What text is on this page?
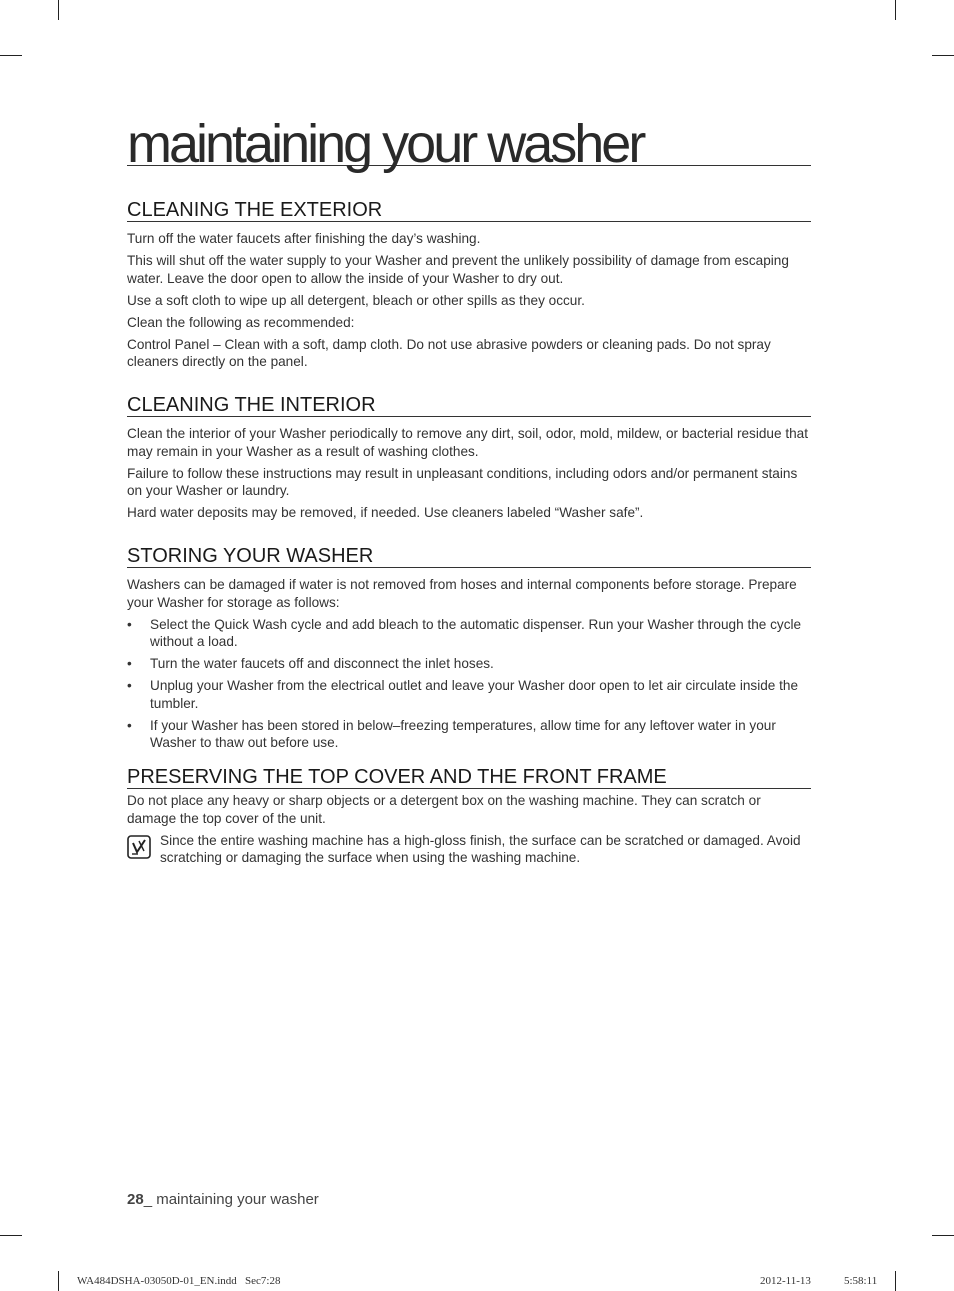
maintaining your washer
CLEANING THE EXTERIOR

Turn off the water faucets after finishing the day’s washing.

This will shut off the water supply to your Washer and prevent the unlikely possibility of damage from escaping water. Leave the door open to allow the inside of your Washer to dry out.

Use a soft cloth to wipe up all detergent, bleach or other spills as they occur.

Clean the following as recommended:

Control Panel – Clean with a soft, damp cloth. Do not use abrasive powders or cleaning pads. Do not spray cleaners directly on the panel.

CLEANING THE INTERIOR

Clean the interior of your Washer periodically to remove any dirt, soil, odor, mold, mildew, or bacterial residue that may remain in your Washer as a result of washing clothes.

Failure to follow these instructions may result in unpleasant conditions, including odors and/or permanent stains on your Washer or laundry.

Hard water deposits may be removed, if needed. Use cleaners labeled “Washer safe”.

STORING YOUR WASHER

Washers can be damaged if water is not removed from hoses and internal components before storage. Prepare your Washer for storage as follows:

• Select the Quick Wash cycle and add bleach to the automatic dispenser. Run your Washer through the cycle without a load.
• Turn the water faucets off and disconnect the inlet hoses.
• Unplug your Washer from the electrical outlet and leave your Washer door open to let air circulate inside the tumbler.
• If your Washer has been stored in below–freezing temperatures, allow time for any leftover water in your Washer to thaw out before use.
PRESERVING THE TOP COVER AND THE FRONT FRAME

Do not place any heavy or sharp objects or a detergent box on the washing machine. They can scratch or damage the top cover of the unit.

Since the entire washing machine has a high-gloss finish, the surface can be scratched or damaged. Avoid scratching or damaging the surface when using the washing machine.

28_ maintaining your washer
WA484DSHA-03050D-01_EN.indd   Sec7:28	2012-11-13	5:58:11
